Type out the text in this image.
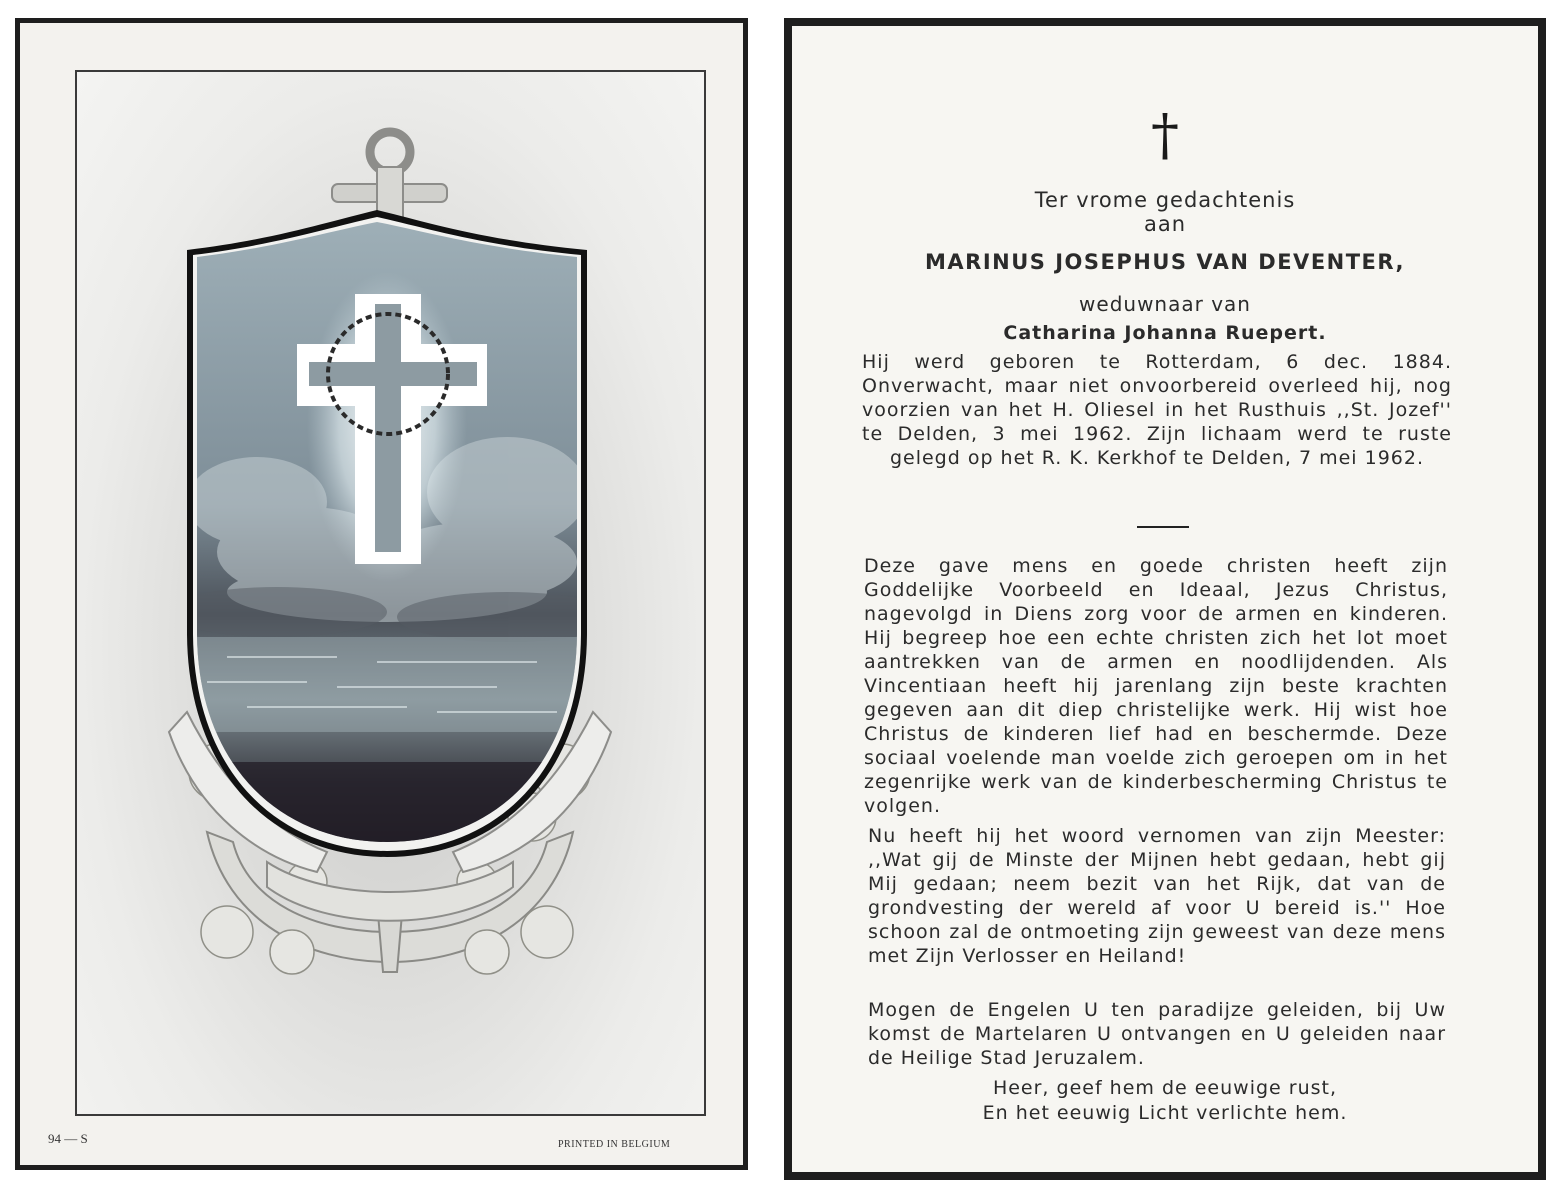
94 — S	PRINTED IN BELGIUM
†
Ter vrome gedachtenis
aan
MARINUS JOSEPHUS VAN DEVENTER,
weduwnaar van
Catharina Johanna Ruepert.
Hij werd geboren te Rotterdam, 6 dec. 1884. Onverwacht, maar niet onvoorbereid overleed hij, nog voorzien van het H. Oliesel in het Rusthuis ,,St. Jozef'' te Delden, 3 mei 1962. Zijn lichaam werd te ruste gelegd op het R. K. Kerkhof te Delden, 7 mei 1962.
Deze gave mens en goede christen heeft zijn Goddelijke Voorbeeld en Ideaal, Jezus Christus, nagevolgd in Diens zorg voor de armen en kinderen. Hij begreep hoe een echte christen zich het lot moet aantrekken van de armen en noodlijdenden. Als Vincentiaan heeft hij jarenlang zijn beste krachten gegeven aan dit diep christelijke werk. Hij wist hoe Christus de kinderen lief had en beschermde. Deze sociaal voelende man voelde zich geroepen om in het zegenrijke werk van de kinderbescherming Christus te volgen.
Nu heeft hij het woord vernomen van zijn Meester: ,,Wat gij de Minste der Mijnen hebt gedaan, hebt gij Mij gedaan; neem bezit van het Rijk, dat van de grondvesting der wereld af voor U bereid is.'' Hoe schoon zal de ontmoeting zijn geweest van deze mens met Zijn Verlosser en Heiland!
Mogen de Engelen U ten paradijze geleiden, bij Uw komst de Martelaren U ontvangen en U geleiden naar de Heilige Stad Jeruzalem.
Heer, geef hem de eeuwige rust,
En het eeuwig Licht verlichte hem.
